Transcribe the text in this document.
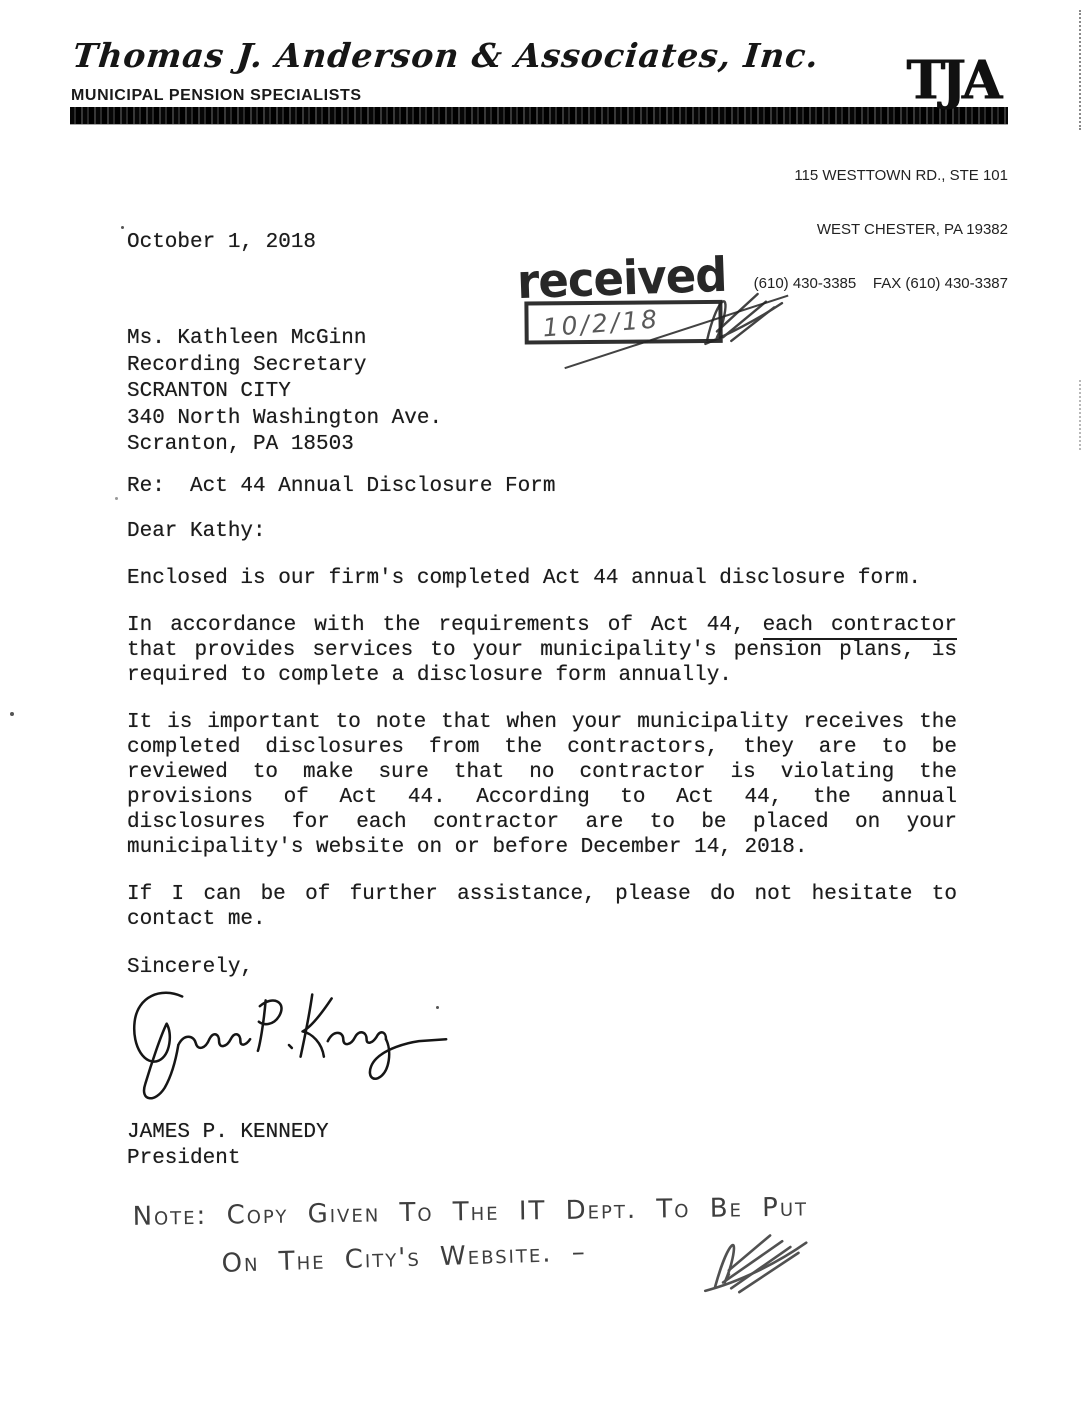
Thomas J. Anderson & Associates, Inc.
MUNICIPAL PENSION SPECIALISTS	TJA

115 WESTTOWN RD., STE 101

WEST CHESTER, PA 19382

(610) 430-3385    FAX (610) 430-3387

October 1, 2018
received
10/2/18
Ms. Kathleen McGinn
Recording Secretary
SCRANTON CITY
340 North Washington Ave.
Scranton, PA 18503
Re:  Act 44 Annual Disclosure Form
Dear Kathy:
Enclosed is our firm's completed Act 44 annual disclosure form.
In accordance with the requirements of Act 44, each contractor
that provides services to your municipality's pension plans, is
required to complete a disclosure form annually.
It is important to note that when your municipality receives the
completed disclosures from the contractors, they are to be
reviewed to make sure that no contractor is violating the
provisions of Act 44. According to Act 44, the annual
disclosures for each contractor are to be placed on your
municipality's website on or before December 14, 2018.
If I can be of further assistance, please do not hesitate to
contact me.
Sincerely,
JAMES P. KENNEDY
President
Note: Copy Given To The IT Dept. To Be Put
On The City's Website. –
